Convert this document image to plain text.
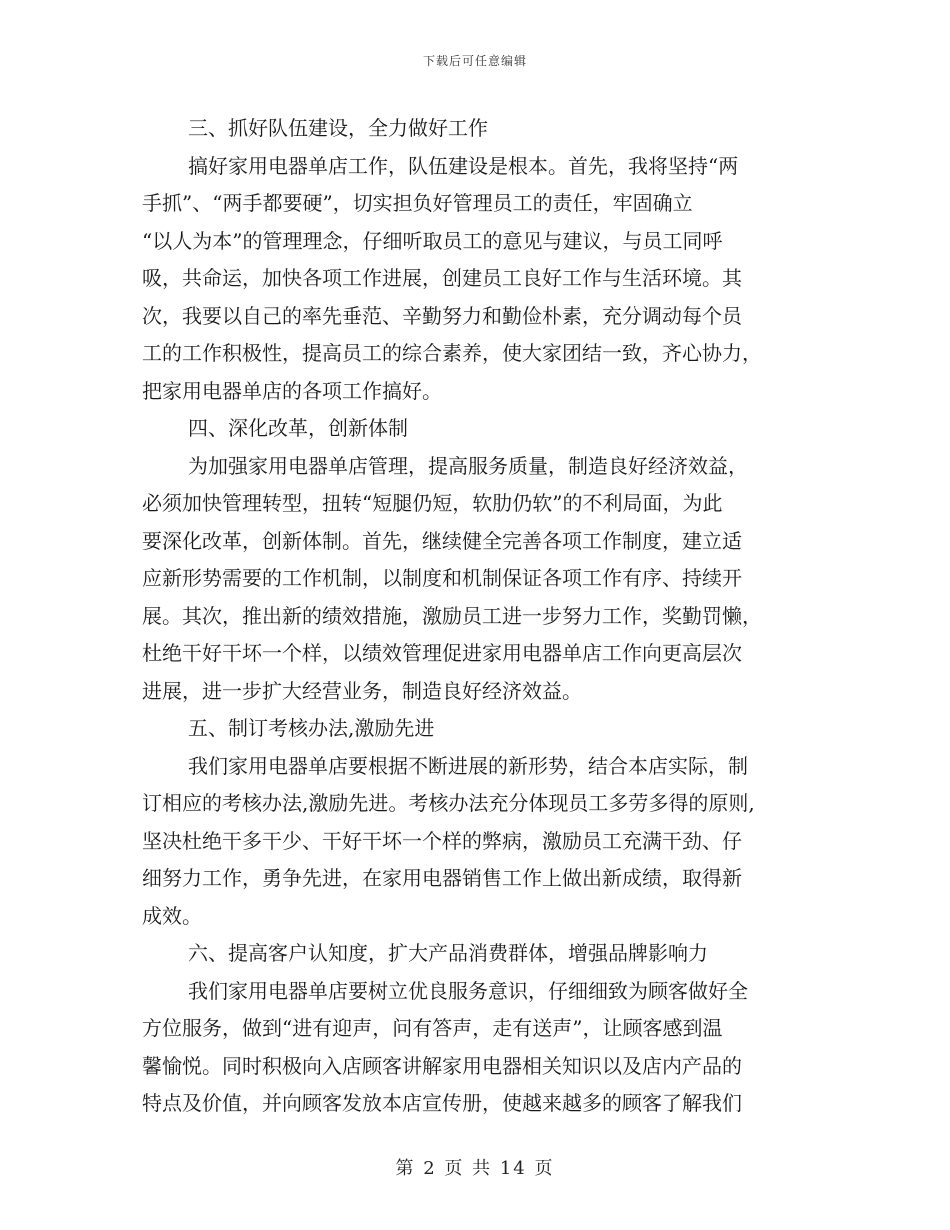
下载后可任意编辑
三、抓好队伍建设，全力做好工作
搞好家用电器单店工作，队伍建设是根本。首先，我将坚持“两
手抓”、“两手都要硬”，切实担负好管理员工的责任，牢固确立
“以人为本”的管理理念，仔细听取员工的意见与建议，与员工同呼
吸，共命运，加快各项工作进展，创建员工良好工作与生活环境。其
次，我要以自己的率先垂范、辛勤努力和勤俭朴素，充分调动每个员
工的工作积极性，提高员工的综合素养，使大家团结一致，齐心协力，
把家用电器单店的各项工作搞好。
四、深化改革，创新体制
为加强家用电器单店管理，提高服务质量，制造良好经济效益，
必须加快管理转型，扭转“短腿仍短，软肋仍软”的不利局面，为此
要深化改革，创新体制。首先，继续健全完善各项工作制度，建立适
应新形势需要的工作机制，以制度和机制保证各项工作有序、持续开
展。其次，推出新的绩效措施，激励员工进一步努力工作，奖勤罚懒，
杜绝干好干坏一个样，以绩效管理促进家用电器单店工作向更高层次
进展，进一步扩大经营业务，制造良好经济效益。
五、制订考核办法,激励先进
我们家用电器单店要根据不断进展的新形势，结合本店实际，制
订相应的考核办法,激励先进。考核办法充分体现员工多劳多得的原则,
坚决杜绝干多干少、干好干坏一个样的弊病，激励员工充满干劲、仔
细努力工作，勇争先进，在家用电器销售工作上做出新成绩，取得新
成效。
六、提高客户认知度，扩大产品消费群体，增强品牌影响力
我们家用电器单店要树立优良服务意识，仔细细致为顾客做好全
方位服务，做到“进有迎声，问有答声，走有送声”，让顾客感到温
馨愉悦。同时积极向入店顾客讲解家用电器相关知识以及店内产品的
特点及价值，并向顾客发放本店宣传册，使越来越多的顾客了解我们
第 2 页 共 14 页
